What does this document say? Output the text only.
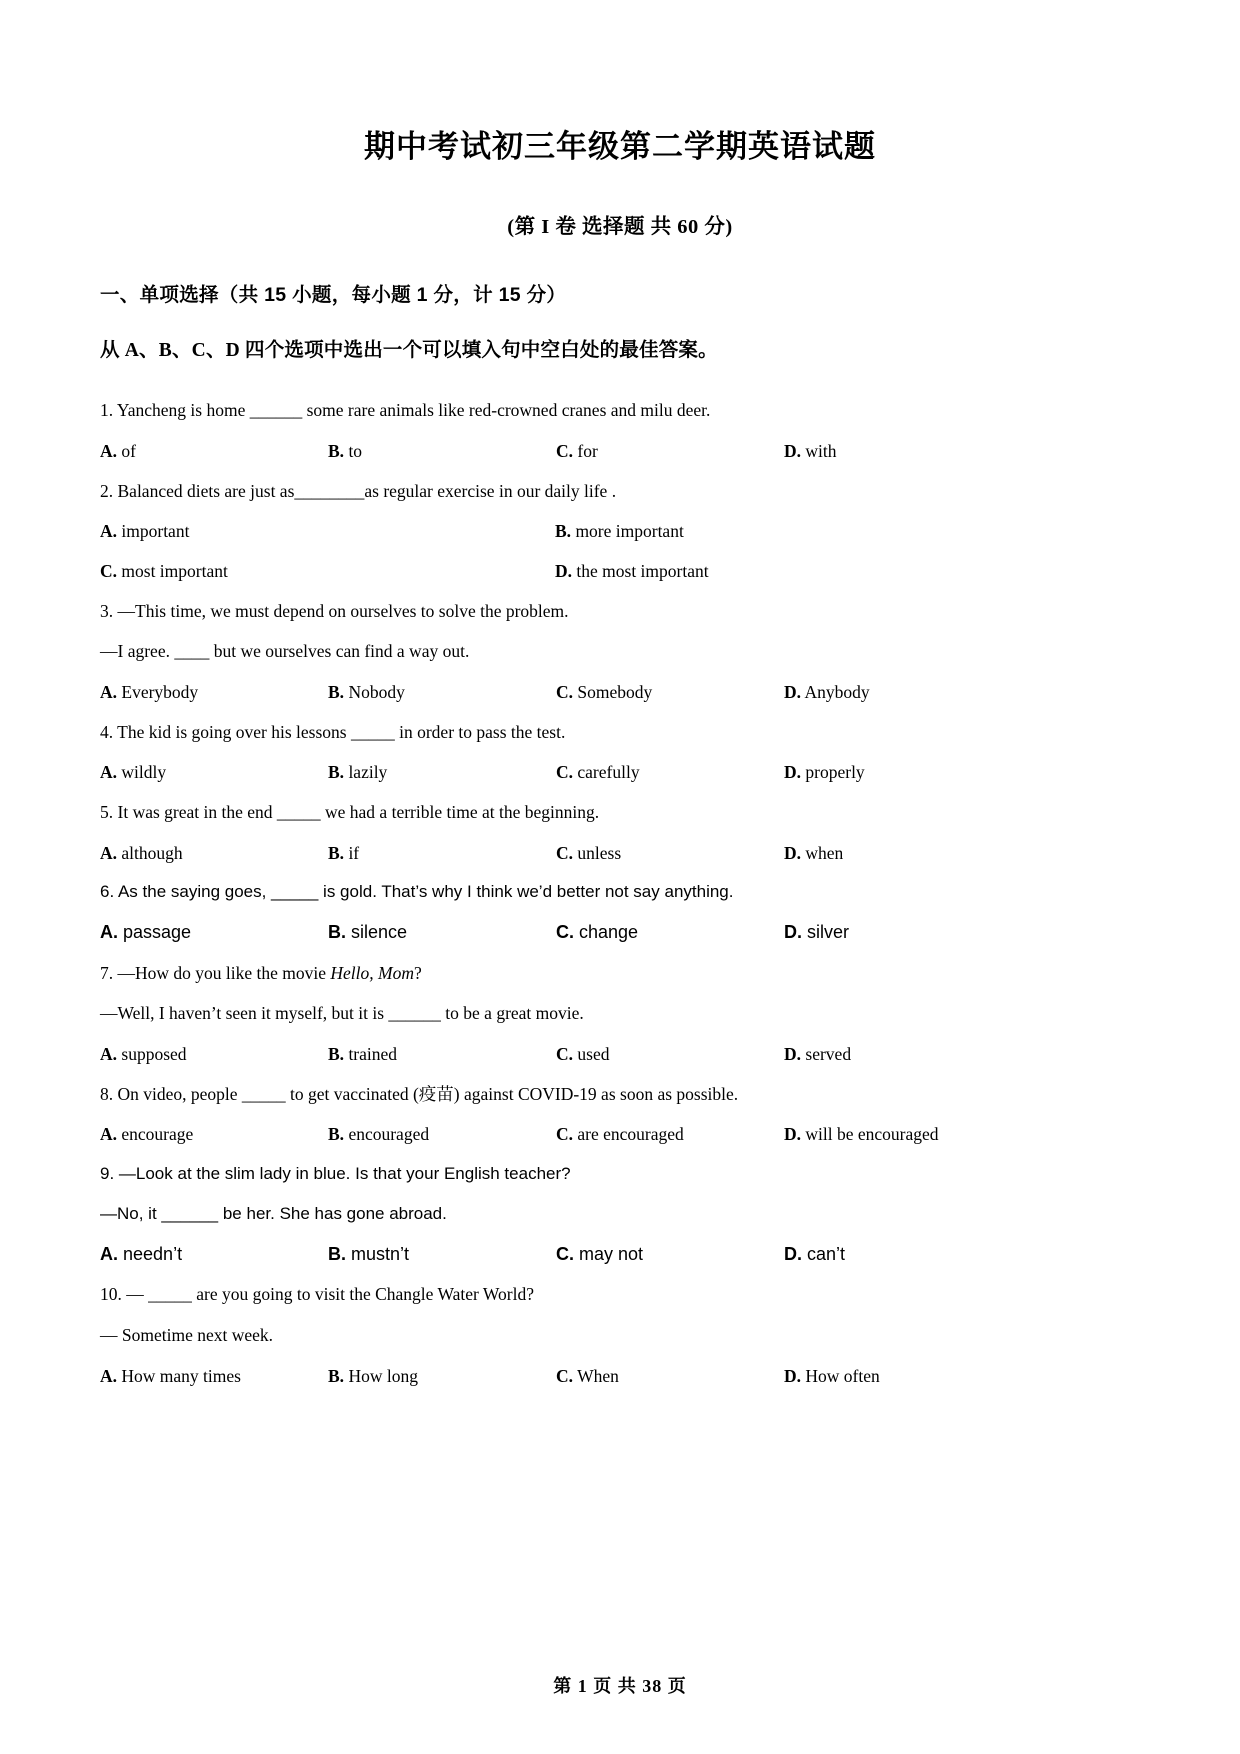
期中考试初三年级第二学期英语试题
(第 I 卷 选择题 共 60 分)
一、单项选择（共 15 小题，每小题 1 分，计 15 分）
从 A、B、C、D 四个选项中选出一个可以填入句中空白处的最佳答案。
1. Yancheng is home ______ some rare animals like red-crowned cranes and milu deer.
A. of	B. to	C. for	D. with
2. Balanced diets are just as________as regular exercise in our daily life .
A. important	B. more important
C. most important	D. the most important
3. —This time, we must depend on ourselves to solve the problem.
—I agree. ____ but we ourselves can find a way out.
A. Everybody	B. Nobody	C. Somebody	D. Anybody
4. The kid is going over his lessons _____ in order to pass the test.
A. wildly	B. lazily	C. carefully	D. properly
5. It was great in the end _____ we had a terrible time at the beginning.
A. although	B. if	C. unless	D. when
6. As the saying goes, _____ is gold. That’s why I think we’d better not say anything.
A. passage	B. silence	C. change	D. silver
7. —How do you like the movie Hello, Mom?
—Well, I haven’t seen it myself, but it is ______ to be a great movie.
A. supposed	B. trained	C. used	D. served
8. On video, people _____ to get vaccinated (疫苗) against COVID-19 as soon as possible.
A. encourage	B. encouraged	C. are encouraged	D. will be encouraged
9. —Look at the slim lady in blue. Is that your English teacher?
—No, it ______ be her. She has gone abroad.
A. needn’t	B. mustn’t	C. may not	D. can’t
10. — _____ are you going to visit the Changle Water World?
— Sometime next week.
A. How many times	B. How long	C. When	D. How often
第 1 页 共 38 页
